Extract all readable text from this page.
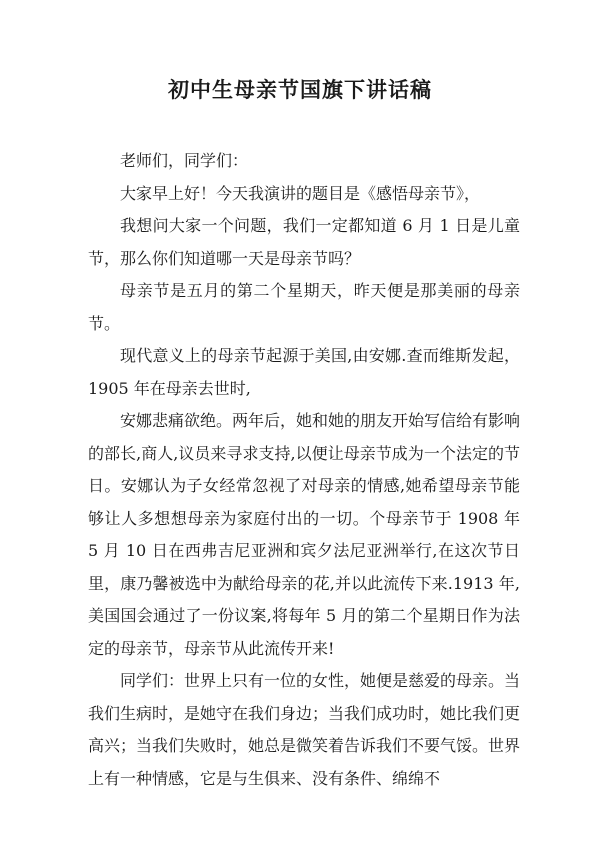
初中生母亲节国旗下讲话稿

老师们，同学们：

大家早上好！今天我演讲的题目是《感悟母亲节》，

我想问大家一个问题，我们一定都知道 6 月 1 日是儿童节，那么你们知道哪一天是母亲节吗？

母亲节是五月的第二个星期天，昨天便是那美丽的母亲节。

现代意义上的母亲节起源于美国,由安娜.查而维斯发起，1905 年在母亲去世时,

安娜悲痛欲绝。两年后，她和她的朋友开始写信给有影响的部长,商人,议员来寻求支持,以便让母亲节成为一个法定的节日。安娜认为子女经常忽视了对母亲的情感,她希望母亲节能够让人多想想母亲为家庭付出的一切。个母亲节于 1908 年 5 月 10 日在西弗吉尼亚洲和宾夕法尼亚洲举行,在这次节日里，康乃馨被选中为献给母亲的花,并以此流传下来.1913 年,美国国会通过了一份议案,将每年 5 月的第二个星期日作为法定的母亲节，母亲节从此流传开来!

同学们：世界上只有一位的女性，她便是慈爱的母亲。当我们生病时，是她守在我们身边；当我们成功时，她比我们更高兴；当我们失败时，她总是微笑着告诉我们不要气馁。世界上有一种情感，它是与生俱来、没有条件、绵绵不
